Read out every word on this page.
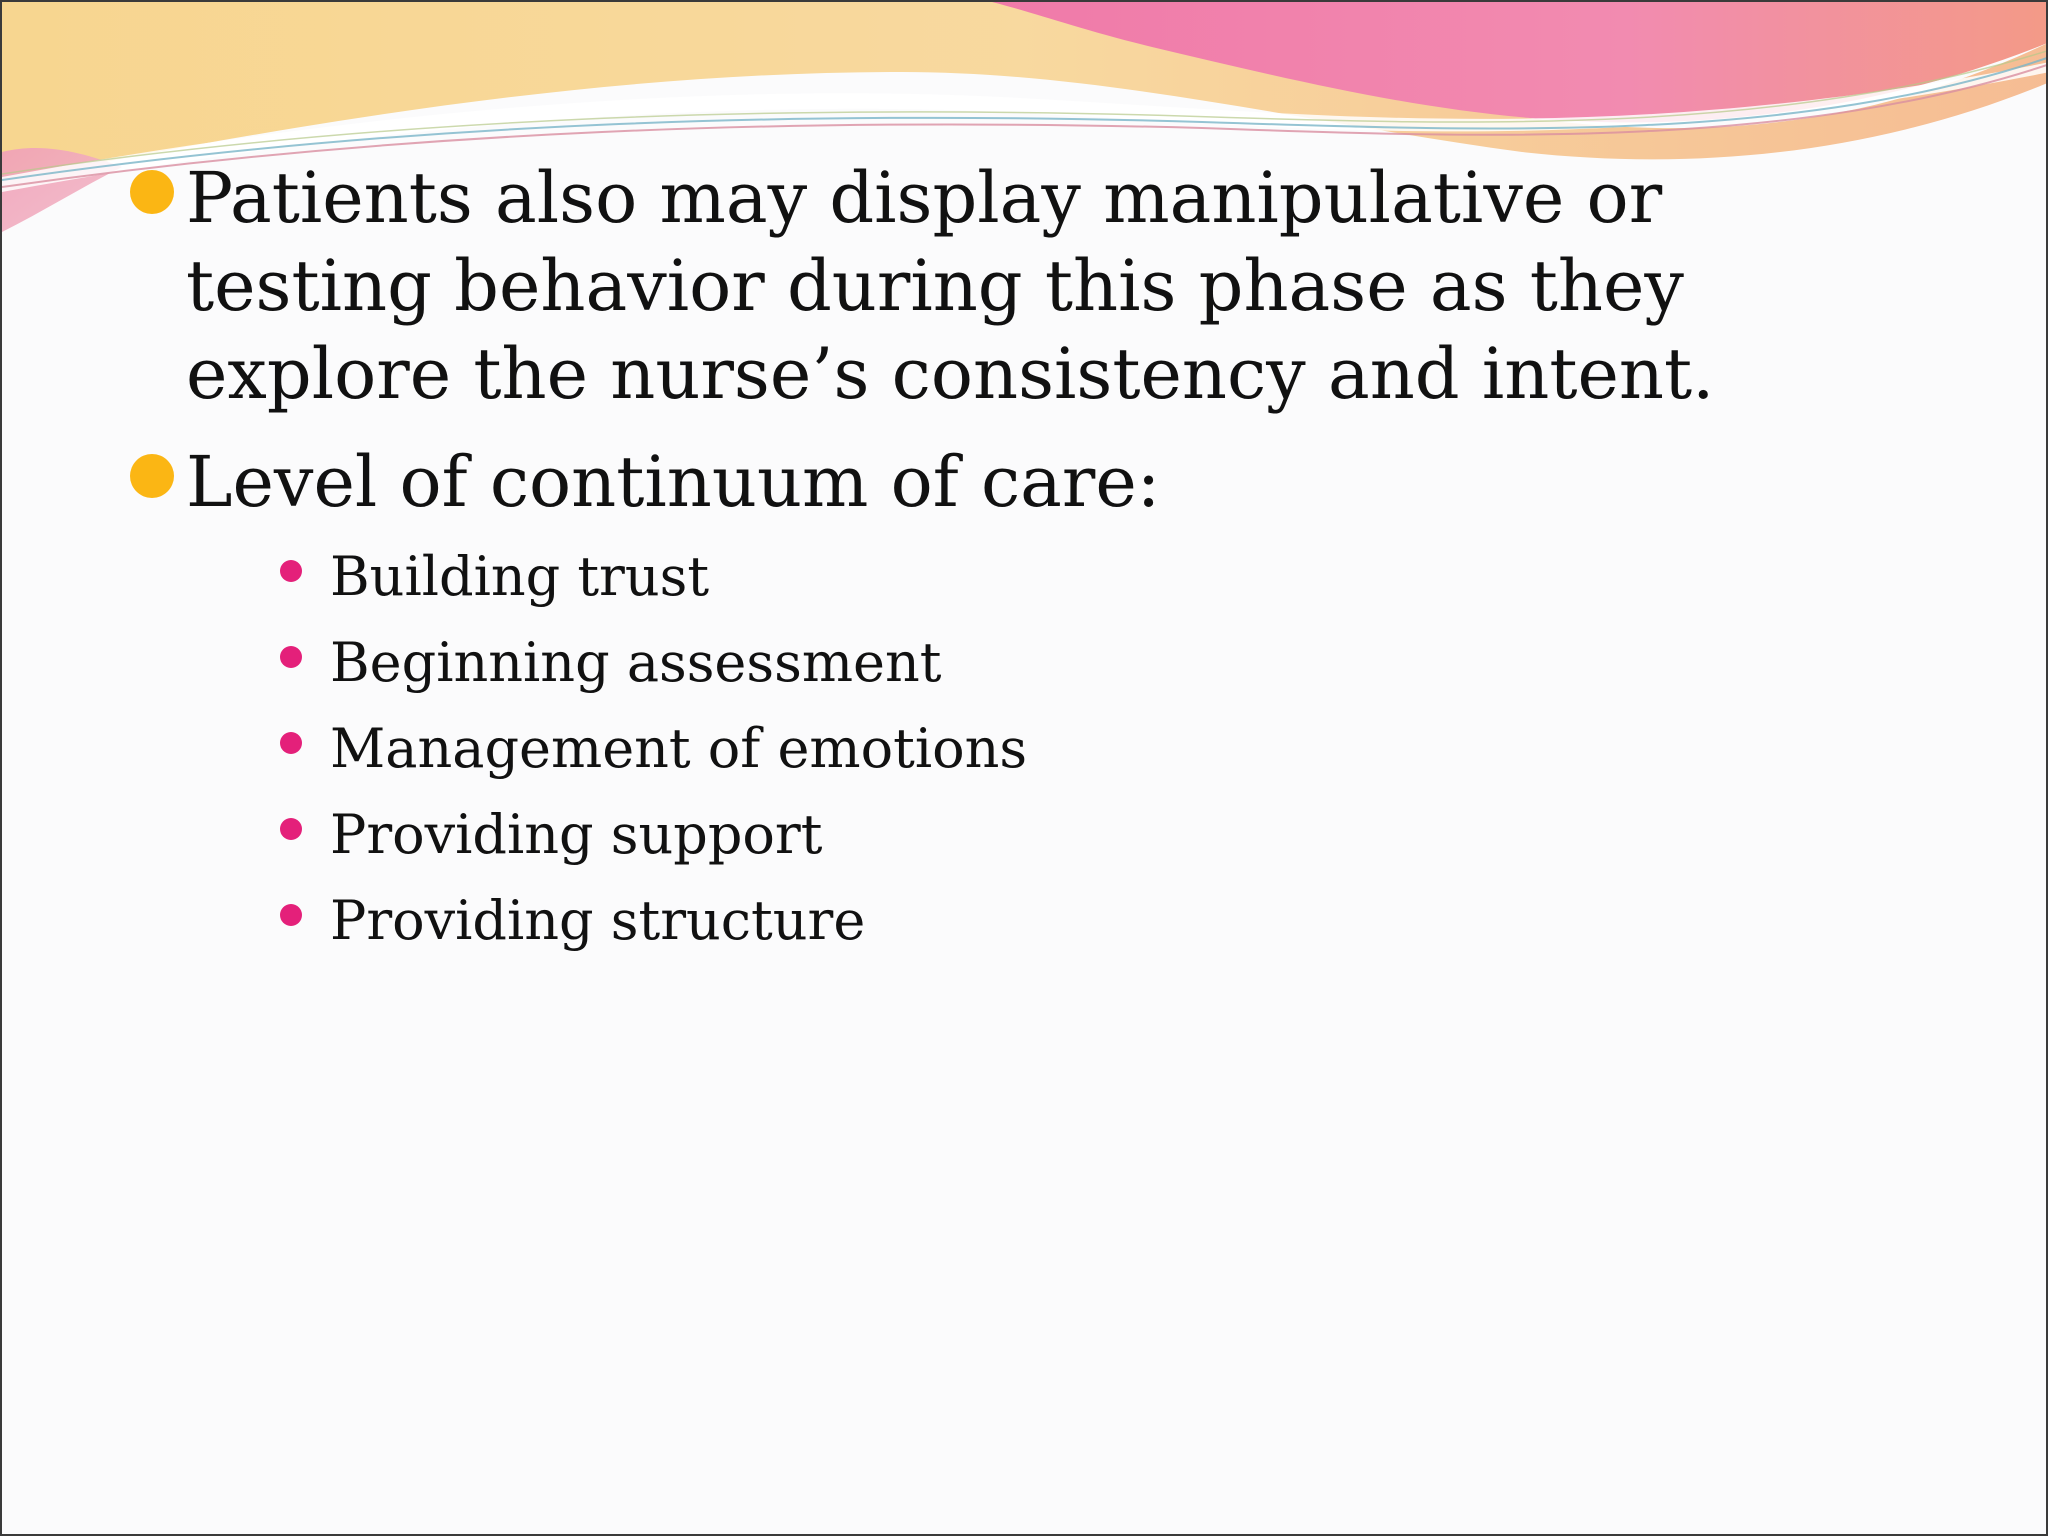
Patients also may display manipulative or testing behavior during this phase as they explore the nurse’s consistency and intent.

Level of continuum of care:

Building trust
Beginning assessment
Management of emotions
Providing support
Providing structure
